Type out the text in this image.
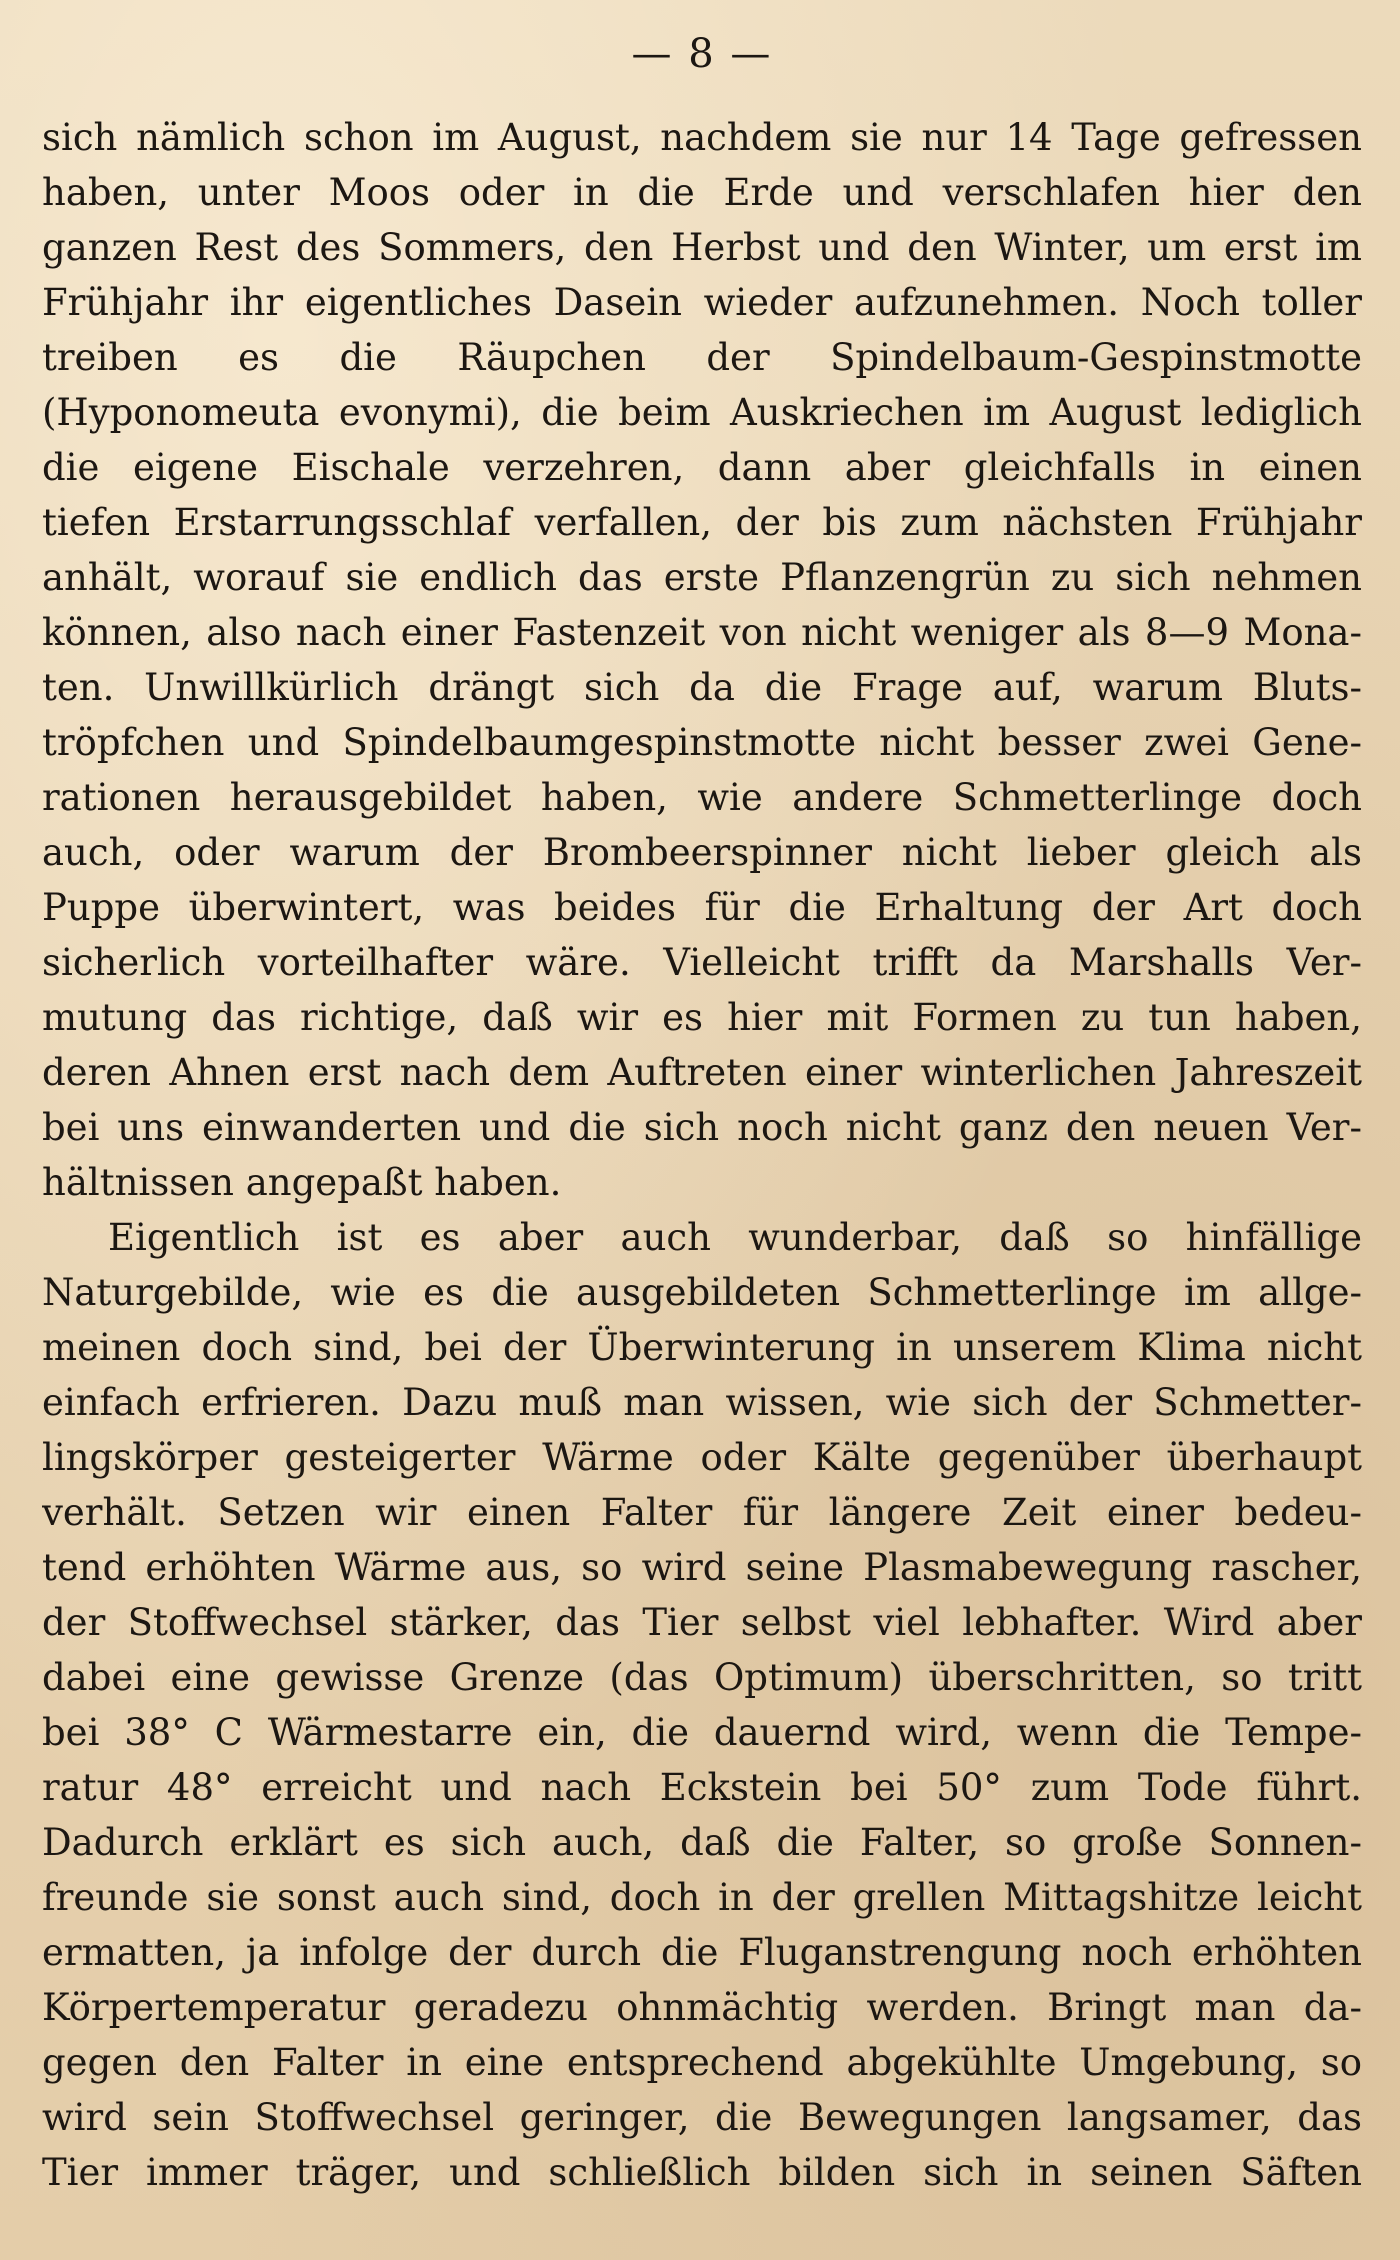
— 8 —
sich nämlich schon im August, nachdem sie nur 14 Tage gefressen
haben, unter Moos oder in die Erde und verschlafen hier den
ganzen Rest des Sommers, den Herbst und den Winter, um erst im
Frühjahr ihr eigentliches Dasein wieder aufzunehmen. Noch toller
treiben es die Räupchen der Spindelbaum-Gespinstmotte
(Hyponomeuta evonymi), die beim Auskriechen im August lediglich
die eigene Eischale verzehren, dann aber gleichfalls in einen
tiefen Erstarrungsschlaf verfallen, der bis zum nächsten Frühjahr
anhält, worauf sie endlich das erste Pflanzengrün zu sich nehmen
können, also nach einer Fastenzeit von nicht weniger als 8—9 Mona-
ten. Unwillkürlich drängt sich da die Frage auf, warum Bluts-
tröpfchen und Spindelbaumgespinstmotte nicht besser zwei Gene-
rationen herausgebildet haben, wie andere Schmetterlinge doch
auch, oder warum der Brombeerspinner nicht lieber gleich als
Puppe überwintert, was beides für die Erhaltung der Art doch
sicherlich vorteilhafter wäre. Vielleicht trifft da Marshalls Ver-
mutung das richtige, daß wir es hier mit Formen zu tun haben,
deren Ahnen erst nach dem Auftreten einer winterlichen Jahreszeit
bei uns einwanderten und die sich noch nicht ganz den neuen Ver-
hältnissen angepaßt haben.
Eigentlich ist es aber auch wunderbar, daß so hinfällige
Naturgebilde, wie es die ausgebildeten Schmetterlinge im allge-
meinen doch sind, bei der Überwinterung in unserem Klima nicht
einfach erfrieren. Dazu muß man wissen, wie sich der Schmetter-
lingskörper gesteigerter Wärme oder Kälte gegenüber überhaupt
verhält. Setzen wir einen Falter für längere Zeit einer bedeu-
tend erhöhten Wärme aus, so wird seine Plasmabewegung rascher,
der Stoffwechsel stärker, das Tier selbst viel lebhafter. Wird aber
dabei eine gewisse Grenze (das Optimum) überschritten, so tritt
bei 38° C Wärmestarre ein, die dauernd wird, wenn die Tempe-
ratur 48° erreicht und nach Eckstein bei 50° zum Tode führt.
Dadurch erklärt es sich auch, daß die Falter, so große Sonnen-
freunde sie sonst auch sind, doch in der grellen Mittagshitze leicht
ermatten, ja infolge der durch die Fluganstrengung noch erhöhten
Körpertemperatur geradezu ohnmächtig werden. Bringt man da-
gegen den Falter in eine entsprechend abgekühlte Umgebung, so
wird sein Stoffwechsel geringer, die Bewegungen langsamer, das
Tier immer träger, und schließlich bilden sich in seinen Säften
